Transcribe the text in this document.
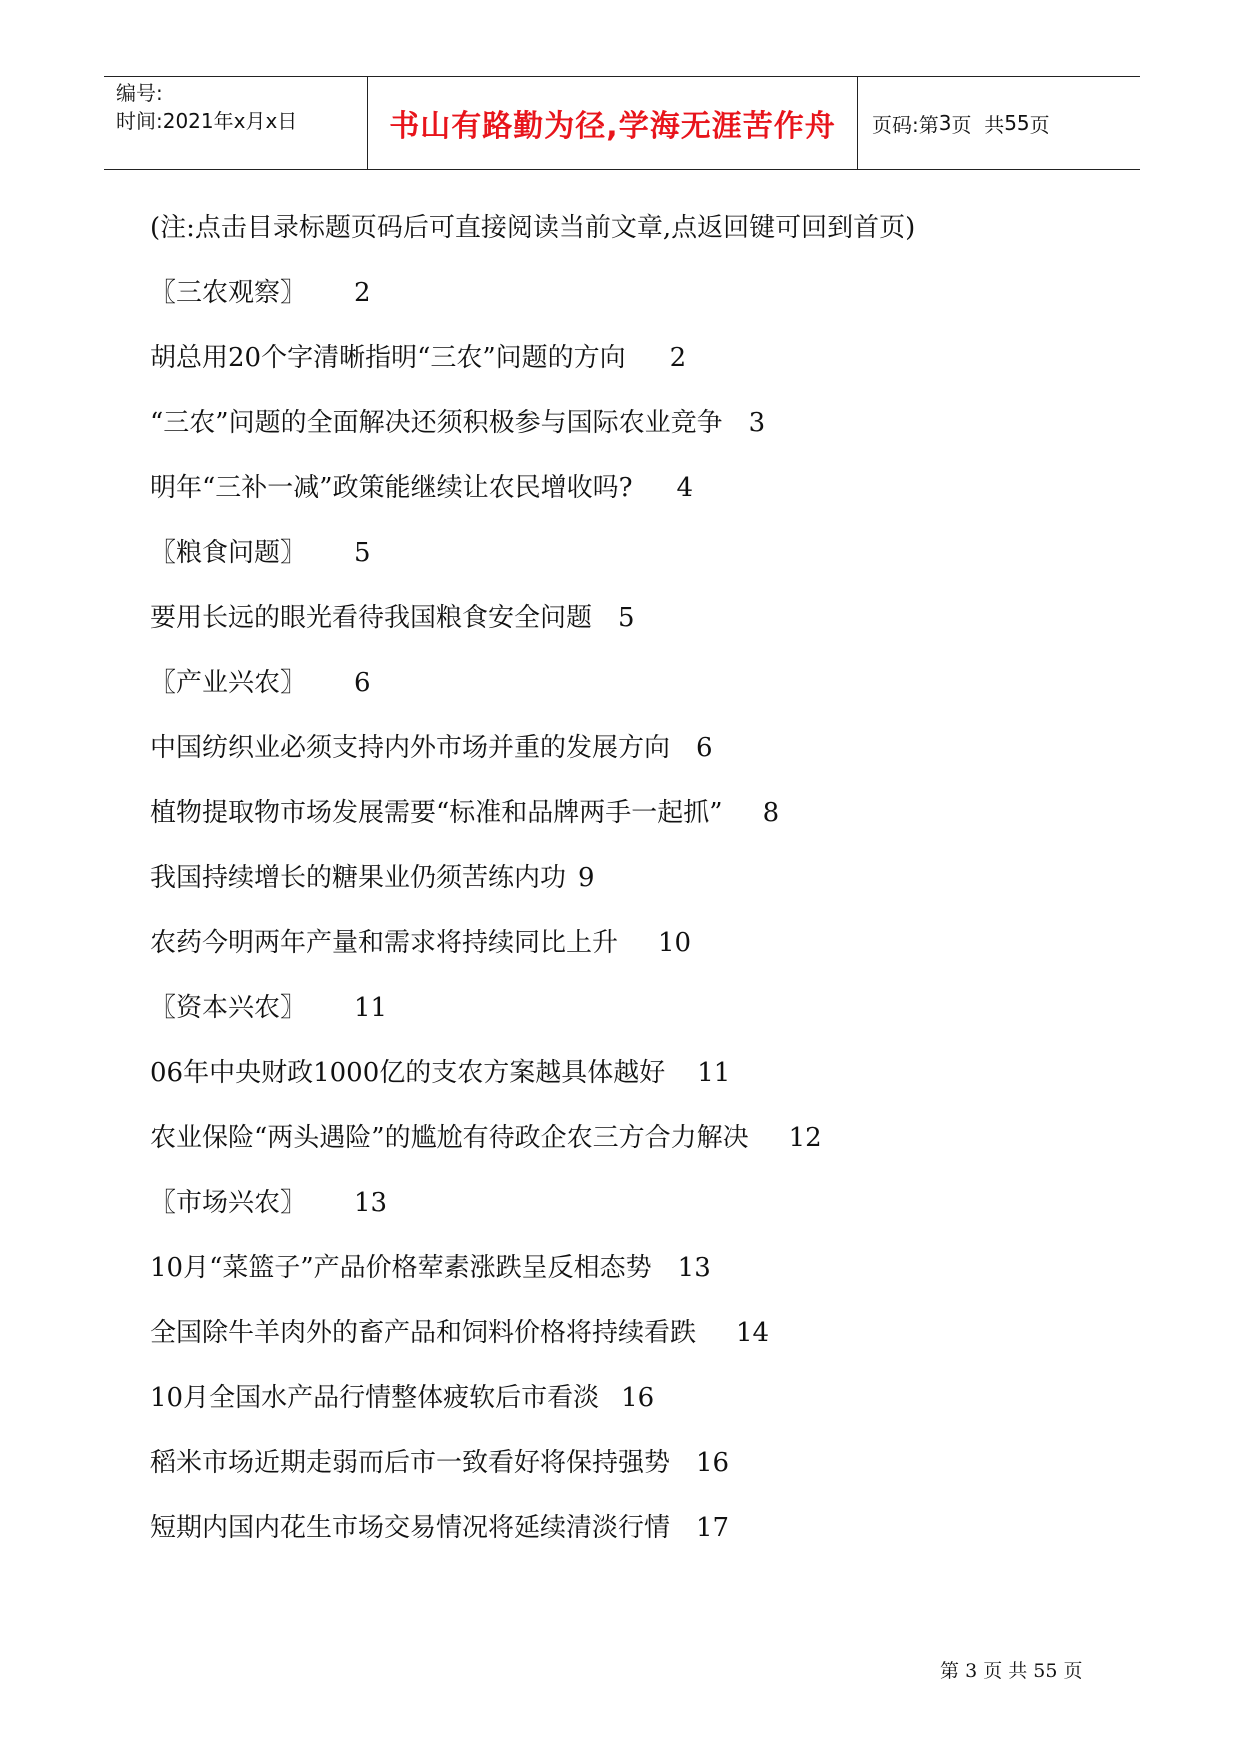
编号:
时间:2021年x月x日	书山有路勤为径,学海无涯苦作舟	页码:第 3 页  共 55 页
(注:点击目录标题页码后可直接阅读当前文章,点返回键可回到首页)
〖三农观察〗 2
胡总用20个字清晰指明“三农”问题的方向 2
“三农”问题的全面解决还须积极参与国际农业竞争 3
明年“三补一减”政策能继续让农民增收吗? 4
〖粮食问题〗 5
要用长远的眼光看待我国粮食安全问题 5
〖产业兴农〗 6
中国纺织业必须支持内外市场并重的发展方向 6
植物提取物市场发展需要“标准和品牌两手一起抓” 8
我国持续增长的糖果业仍须苦练内功 9
农药今明两年产量和需求将持续同比上升 10
〖资本兴农〗 11
06年中央财政1000亿的支农方案越具体越好 11
农业保险“两头遇险”的尴尬有待政企农三方合力解决 12
〖市场兴农〗 13
10月“菜篮子”产品价格荤素涨跌呈反相态势 13
全国除牛羊肉外的畜产品和饲料价格将持续看跌 14
10月全国水产品行情整体疲软后市看淡 16
稻米市场近期走弱而后市一致看好将保持强势 16
短期内国内花生市场交易情况将延续清淡行情 17
第 3 页 共 55 页
